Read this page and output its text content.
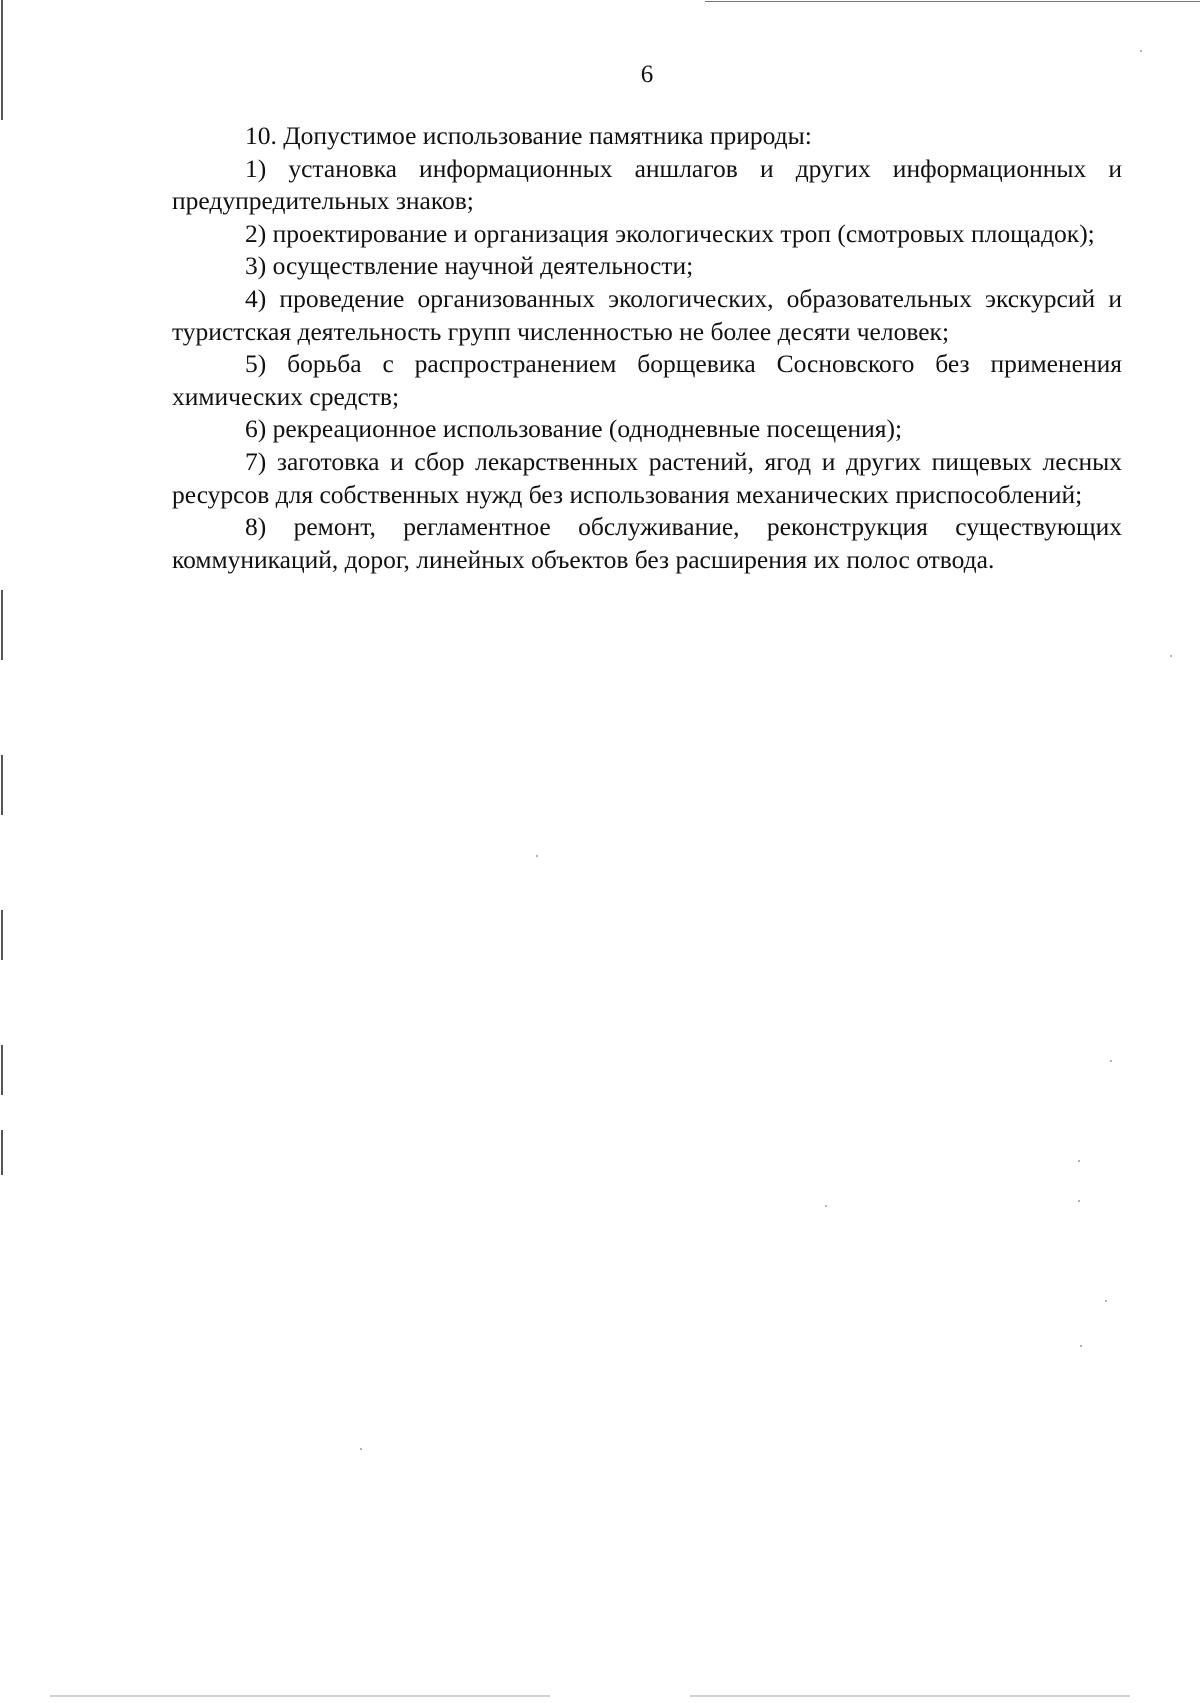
6

10. Допустимое использование памятника природы:

1) установка информационных аншлагов и других информационных и предупредительных знаков;

2) проектирование и организация экологических троп (смотровых площадок);

3) осуществление научной деятельности;

4) проведение организованных экологических, образовательных экскурсий и туристская деятельность групп численностью не более десяти человек;

5) борьба с распространением борщевика Сосновского без применения химических средств;

6) рекреационное использование (однодневные посещения);

7) заготовка и сбор лекарственных растений, ягод и других пищевых лесных ресурсов для собственных нужд без использования механических приспособлений;

8) ремонт, регламентное обслуживание, реконструкция существующих коммуникаций, дорог, линейных объектов без расширения их полос отвода.
